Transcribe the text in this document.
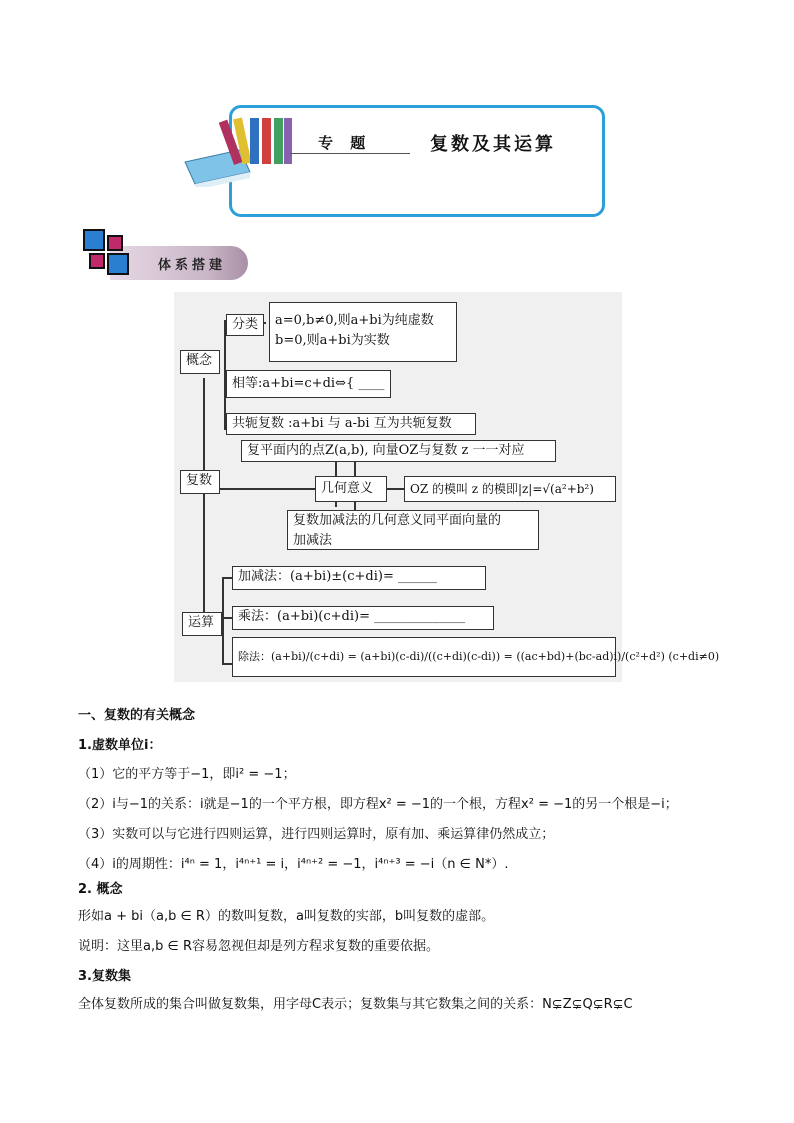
专 题	复数及其运算
体系搭建
概念
复数
运算
分类	a=0,b≠0,则a+bi为纯虚数
b=0,则a+bi为实数
相等:a+bi=c+di⇔{ ____
共轭复数 :a+bi 与 a-bi 互为共轭复数
复平面内的点Z(a,b), 向量OZ与复数 z 一一对应
几何意义	OZ 的模叫 z 的模即|z|=√(a²+b²)
复数加减法的几何意义同平面向量的
加减法
加减法：(a+bi)±(c+di)= ______
乘法：(a+bi)(c+di)= ______________
除法：(a+bi)/(c+di) = (a+bi)(c-di)/((c+di)(c-di)) = ((ac+bd)+(bc-ad)i)/(c²+d²) (c+di≠0)
一、复数的有关概念
1.虚数单位i：
（1）它的平方等于−1，即i² = −1；
（2）i与−1的关系：i就是−1的一个平方根，即方程x² = −1的一个根，方程x² = −1的另一个根是−i；
（3）实数可以与它进行四则运算，进行四则运算时，原有加、乘运算律仍然成立；
（4）i的周期性：i⁴ⁿ = 1，i⁴ⁿ⁺¹ = i，i⁴ⁿ⁺² = −1，i⁴ⁿ⁺³ = −i（n ∈ N*）.
2. 概念
形如a + bi（a,b ∈ R）的数叫复数，a叫复数的实部，b叫复数的虚部。
说明：这里a,b ∈ R容易忽视但却是列方程求复数的重要依据。
3.复数集
全体复数所成的集合叫做复数集，用字母C表示；复数集与其它数集之间的关系：N⊊Z⊊Q⊊R⊊C
